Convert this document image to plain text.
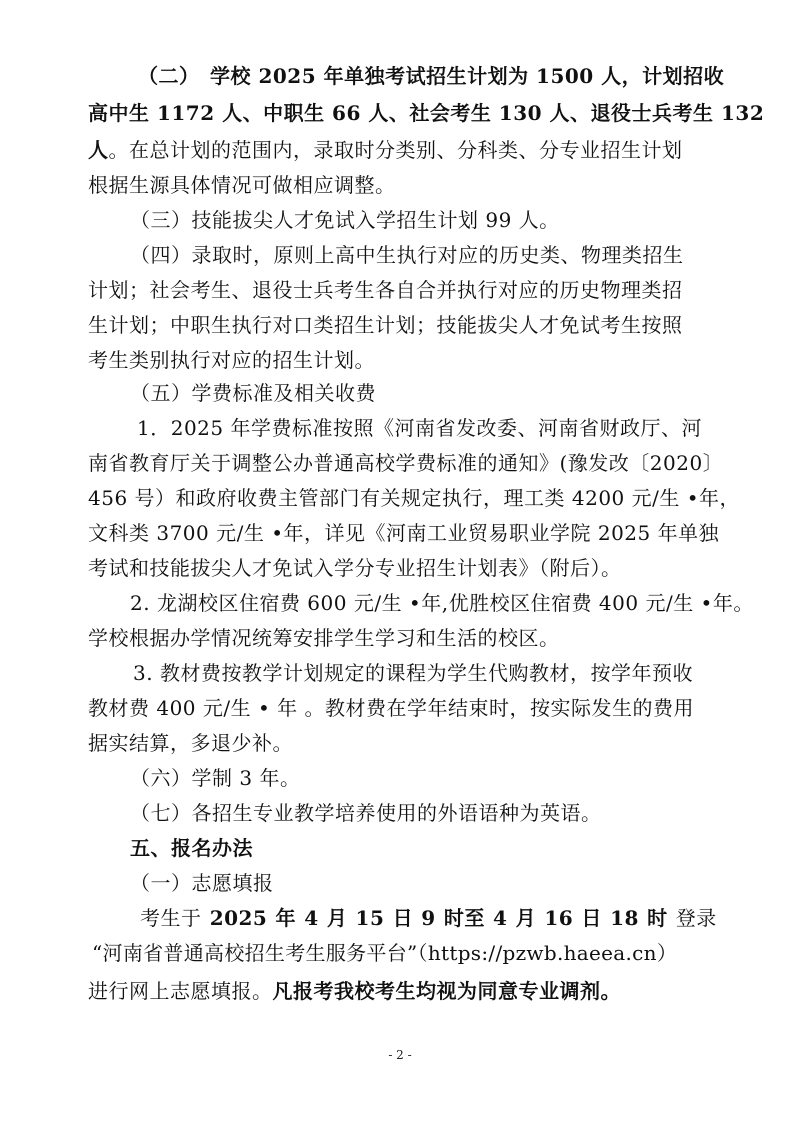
（二）　学校 2025 年单独考试招生计划为 1500 人，计划招收
高中生 1172 人、中职生 66 人、社会考生 130 人、退役士兵考生 132
人。在总计划的范围内，录取时分类别、分科类、分专业招生计划
根据生源具体情况可做相应调整。
（三）技能拔尖人才免试入学招生计划 99 人。
（四）录取时，原则上高中生执行对应的历史类、物理类招生
计划；社会考生、退役士兵考生各自合并执行对应的历史物理类招
生计划；中职生执行对口类招生计划；技能拔尖人才免试考生按照
考生类别执行对应的招生计划。
（五）学费标准及相关收费
1．2025 年学费标准按照《河南省发改委、河南省财政厅、河
南省教育厅关于调整公办普通高校学费标准的通知》(豫发改〔2020〕
456 号）和政府收费主管部门有关规定执行，理工类 4200 元/生 •年，
文科类 3700 元/生 •年，详见《河南工业贸易职业学院 2025 年单独
考试和技能拔尖人才免试入学分专业招生计划表》（附后）。
2. 龙湖校区住宿费 600 元/生 •年,优胜校区住宿费 400 元/生 •年。
学校根据办学情况统筹安排学生学习和生活的校区。
3. 教材费按教学计划规定的课程为学生代购教材，按学年预收
教材费 400 元/生 • 年 。教材费在学年结束时，按实际发生的费用
据实结算，多退少补。
（六）学制 3 年。
（七）各招生专业教学培养使用的外语语种为英语。
五、报名办法
（一）志愿填报
考生于 2025 年 4 月 15 日 9 时至 4 月 16 日 18 时 登录
“河南省普通高校招生考生服务平台”（https://pzwb.haeea.cn）
进行网上志愿填报。凡报考我校考生均视为同意专业调剂。
- 2 -
